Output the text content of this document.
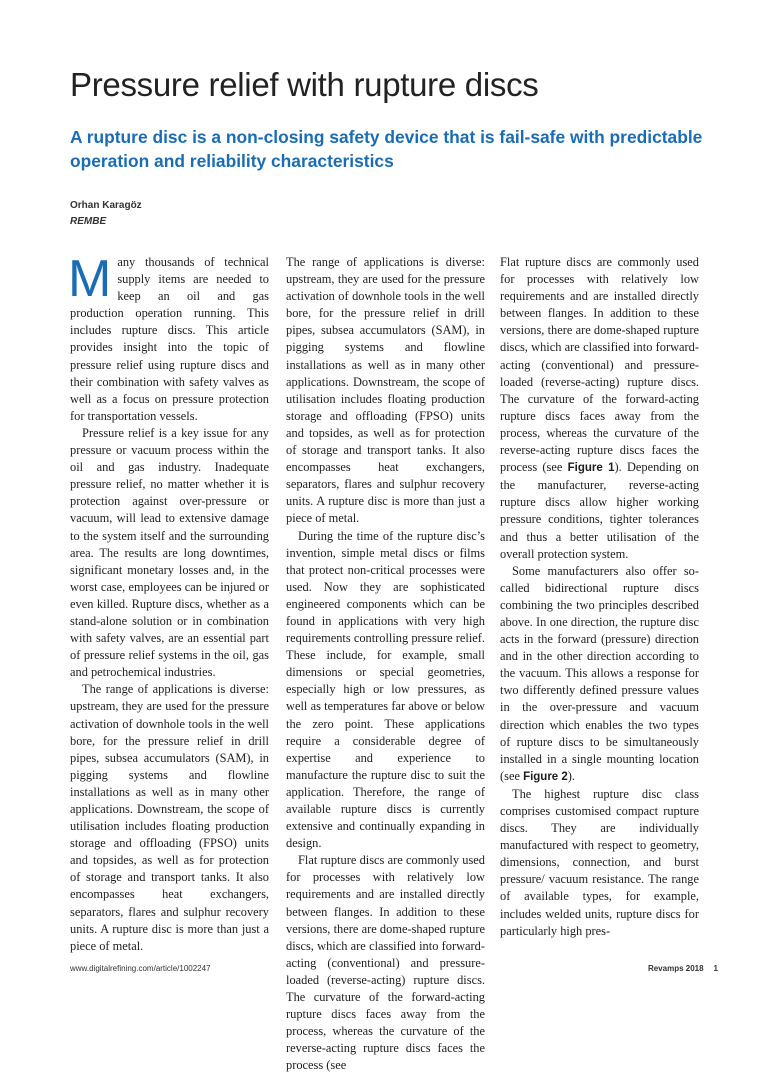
Pressure relief with rupture discs
A rupture disc is a non-closing safety device that is fail-safe with predictable operation and reliability characteristics
Orhan Karagöz
REMBE

Many thousands of technical supply items are needed to keep an oil and gas production operation running. This includes rupture discs. This article provides insight into the topic of pressure relief using rupture discs and their combination with safety valves as well as a focus on pressure protection for transportation vessels.

Pressure relief is a key issue for any pressure or vacuum process within the oil and gas industry. Inadequate pressure relief, no matter whether it is protection against over-pressure or vacuum, will lead to extensive damage to the system itself and the surrounding area. The results are long downtimes, significant monetary losses and, in the worst case, employees can be injured or even killed. Rupture discs, whether as a stand-alone solution or in combination with safety valves, are an essential part of pressure relief systems in the oil, gas and petrochemical industries.

The range of applications is diverse: upstream, they are used for the pressure activation of downhole tools in the well bore, for the pressure relief in drill pipes, subsea accumulators (SAM), in pigging systems and flowline installations as well as in many other applications. Downstream, the scope of utilisation includes floating production storage and offloading (FPSO) units and topsides, as well as for protection of storage and transport tanks. It also encompasses heat exchangers, separators, flares and sulphur recovery units. A rupture disc is more than just a piece of metal.

The range of applications is diverse: upstream, they are used for the pressure activation of downhole tools in the well bore, for the pressure relief in drill pipes, subsea accumulators (SAM), in pigging systems and flowline installations as well as in many other applications. Downstream, the scope of utilisation includes floating production storage and offloading (FPSO) units and topsides, as well as for protection of storage and transport tanks. It also encompasses heat exchangers, separators, flares and sulphur recovery units. A rupture disc is more than just a piece of metal.

During the time of the rupture disc’s invention, simple metal discs or films that protect non-critical processes were used. Now they are sophisticated engineered components which can be found in applications with very high requirements controlling pressure relief. These include, for example, small dimensions or special geometries, especially high or low pressures, as well as temperatures far above or below the zero point. These applications require a considerable degree of expertise and experience to manufacture the rupture disc to suit the application. Therefore, the range of available rupture discs is currently extensive and continually expanding in design.

Flat rupture discs are commonly used for processes with relatively low requirements and are installed directly between flanges. In addition to these versions, there are dome-shaped rupture discs, which are classified into forward-acting (conventional) and pressure-loaded (reverse-acting) rupture discs. The curvature of the forward-acting rupture discs faces away from the process, whereas the curvature of the reverse-acting rupture discs faces the process (see

Flat rupture discs are commonly used for processes with relatively low requirements and are installed directly between flanges. In addition to these versions, there are dome-shaped rupture discs, which are classified into forward-acting (conventional) and pressure-loaded (reverse-acting) rupture discs. The curvature of the forward-acting rupture discs faces away from the process, whereas the curvature of the reverse-acting rupture discs faces the process (see Figure 1). Depending on the manufacturer, reverse-acting rupture discs allow higher working pressure conditions, tighter tolerances and thus a better utilisation of the overall protection system.

Some manufacturers also offer so-called bidirectional rupture discs combining the two principles described above. In one direction, the rupture disc acts in the forward (pressure) direction and in the other direction according to the vacuum. This allows a response for two differently defined pressure values in the over-pressure and vacuum direction which enables the two types of rupture discs to be simultaneously installed in a single mounting location (see Figure 2).

The highest rupture disc class comprises customised compact rupture discs. They are individually manufactured with respect to geometry, dimensions, connection, and burst pressure/ vacuum resistance. The range of available types, for example, includes welded units, rupture discs for particularly high pres-

www.digitalrefining.com/article/1002247	Revamps 2018 1
